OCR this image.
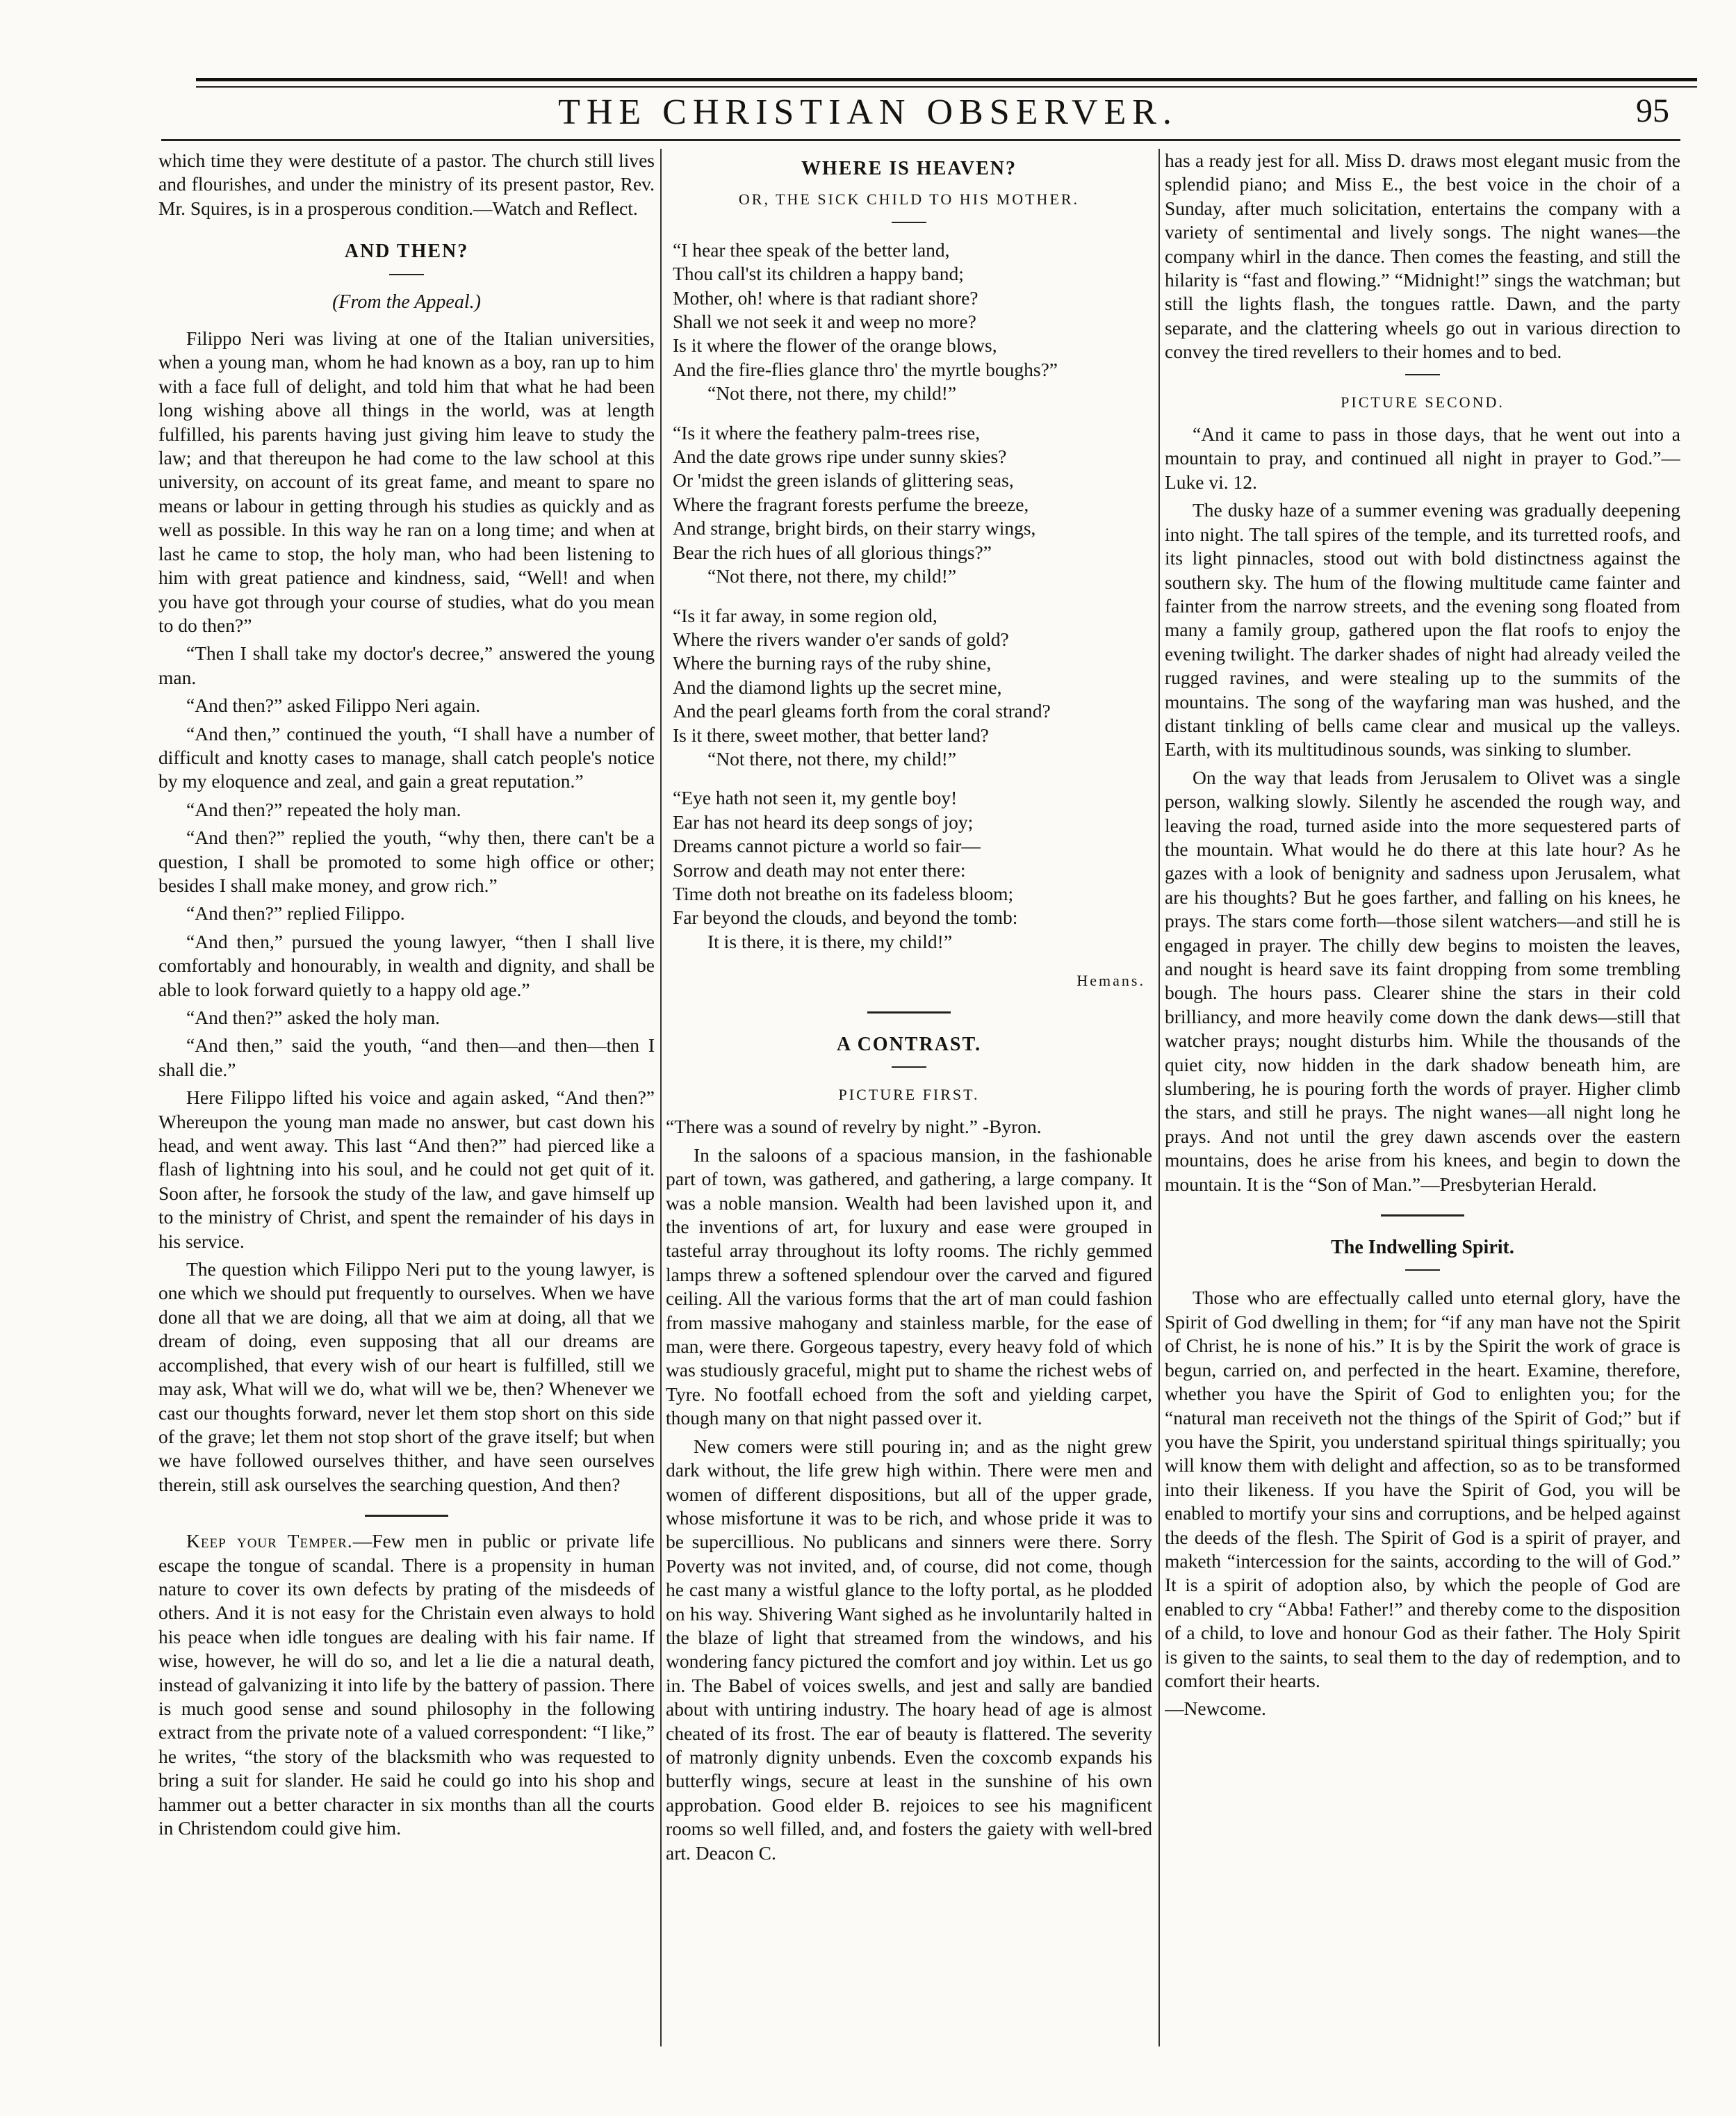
THE CHRISTIAN OBSERVER.	95

which time they were destitute of a pastor. The church still lives and flourishes, and under the ministry of its present pastor, Rev. Mr. Squires, is in a prosperous condition.—Watch and Reflect.

AND THEN?
(From the Appeal.)

Filippo Neri was living at one of the Italian universities, when a young man, whom he had known as a boy, ran up to him with a face full of delight, and told him that what he had been long wishing above all things in the world, was at length fulfilled, his parents having just giving him leave to study the law; and that thereupon he had come to the law school at this university, on account of its great fame, and meant to spare no means or labour in getting through his studies as quickly and as well as possible. In this way he ran on a long time; and when at last he came to stop, the holy man, who had been listening to him with great patience and kindness, said, “Well! and when you have got through your course of studies, what do you mean to do then?”

“Then I shall take my doctor's decree,” answered the young man.

“And then?” asked Filippo Neri again.

“And then,” continued the youth, “I shall have a number of difficult and knotty cases to manage, shall catch people's notice by my eloquence and zeal, and gain a great reputation.”

“And then?” repeated the holy man.

“And then?” replied the youth, “why then, there can't be a question, I shall be promoted to some high office or other; besides I shall make money, and grow rich.”

“And then?” replied Filippo.

“And then,” pursued the young lawyer, “then I shall live comfortably and honourably, in wealth and dignity, and shall be able to look forward quietly to a happy old age.”

“And then?” asked the holy man.

“And then,” said the youth, “and then—and then—then I shall die.”

Here Filippo lifted his voice and again asked, “And then?” Whereupon the young man made no answer, but cast down his head, and went away. This last “And then?” had pierced like a flash of lightning into his soul, and he could not get quit of it. Soon after, he forsook the study of the law, and gave himself up to the ministry of Christ, and spent the remainder of his days in his service.

The question which Filippo Neri put to the young lawyer, is one which we should put frequently to ourselves. When we have done all that we are doing, all that we aim at doing, all that we dream of doing, even supposing that all our dreams are accomplished, that every wish of our heart is fulfilled, still we may ask, What will we do, what will we be, then? Whenever we cast our thoughts forward, never let them stop short on this side of the grave; let them not stop short of the grave itself; but when we have followed ourselves thither, and have seen ourselves therein, still ask ourselves the searching question, And then?

Keep your Temper.—Few men in public or private life escape the tongue of scandal. There is a propensity in human nature to cover its own defects by prating of the misdeeds of others. And it is not easy for the Christain even always to hold his peace when idle tongues are dealing with his fair name. If wise, however, he will do so, and let a lie die a natural death, instead of galvanizing it into life by the battery of passion. There is much good sense and sound philosophy in the following extract from the private note of a valued correspondent: “I like,” he writes, “the story of the blacksmith who was requested to bring a suit for slander. He said he could go into his shop and hammer out a better character in six months than all the courts in Christendom could give him.

WHERE IS HEAVEN?
OR, THE SICK CHILD TO HIS MOTHER.
“I hear thee speak of the better land,
Thou call'st its children a happy band;
Mother, oh! where is that radiant shore?
Shall we not seek it and weep no more?
Is it where the flower of the orange blows,
And the fire-flies glance thro' the myrtle boughs?”
“Not there, not there, my child!”
“Is it where the feathery palm-trees rise,
And the date grows ripe under sunny skies?
Or 'midst the green islands of glittering seas,
Where the fragrant forests perfume the breeze,
And strange, bright birds, on their starry wings,
Bear the rich hues of all glorious things?”
“Not there, not there, my child!”
“Is it far away, in some region old,
Where the rivers wander o'er sands of gold?
Where the burning rays of the ruby shine,
And the diamond lights up the secret mine,
And the pearl gleams forth from the coral strand?
Is it there, sweet mother, that better land?
“Not there, not there, my child!”
“Eye hath not seen it, my gentle boy!
Ear has not heard its deep songs of joy;
Dreams cannot picture a world so fair—
Sorrow and death may not enter there:
Time doth not breathe on its fadeless bloom;
Far beyond the clouds, and beyond the tomb:
It is there, it is there, my child!”
Hemans.
A CONTRAST.
PICTURE FIRST.

“There was a sound of revelry by night.” -Byron.

In the saloons of a spacious mansion, in the fashionable part of town, was gathered, and gathering, a large company. It was a noble mansion. Wealth had been lavished upon it, and the inventions of art, for luxury and ease were grouped in tasteful array throughout its lofty rooms. The richly gemmed lamps threw a softened splendour over the carved and figured ceiling. All the various forms that the art of man could fashion from massive mahogany and stainless marble, for the ease of man, were there. Gorgeous tapestry, every heavy fold of which was studiously graceful, might put to shame the richest webs of Tyre. No footfall echoed from the soft and yielding carpet, though many on that night passed over it.

New comers were still pouring in; and as the night grew dark without, the life grew high within. There were men and women of different dispositions, but all of the upper grade, whose misfortune it was to be rich, and whose pride it was to be supercillious. No publicans and sinners were there. Sorry Poverty was not invited, and, of course, did not come, though he cast many a wistful glance to the lofty portal, as he plodded on his way. Shivering Want sighed as he involuntarily halted in the blaze of light that streamed from the windows, and his wondering fancy pictured the comfort and joy within. Let us go in. The Babel of voices swells, and jest and sally are bandied about with untiring industry. The hoary head of age is almost cheated of its frost. The ear of beauty is flattered. The severity of matronly dignity unbends. Even the coxcomb expands his butterfly wings, secure at least in the sunshine of his own approbation. Good elder B. rejoices to see his magnificent rooms so well filled, and, and fosters the gaiety with well-bred art. Deacon C.

has a ready jest for all. Miss D. draws most elegant music from the splendid piano; and Miss E., the best voice in the choir of a Sunday, after much solicitation, entertains the company with a variety of sentimental and lively songs. The night wanes—the company whirl in the dance. Then comes the feasting, and still the hilarity is “fast and flowing.” “Midnight!” sings the watchman; but still the lights flash, the tongues rattle. Dawn, and the party separate, and the clattering wheels go out in various direction to convey the tired revellers to their homes and to bed.

PICTURE SECOND.

“And it came to pass in those days, that he went out into a mountain to pray, and continued all night in prayer to God.”—Luke vi. 12.

The dusky haze of a summer evening was gradually deepening into night. The tall spires of the temple, and its turretted roofs, and its light pinnacles, stood out with bold distinctness against the southern sky. The hum of the flowing multitude came fainter and fainter from the narrow streets, and the evening song floated from many a family group, gathered upon the flat roofs to enjoy the evening twilight. The darker shades of night had already veiled the rugged ravines, and were stealing up to the summits of the mountains. The song of the wayfaring man was hushed, and the distant tinkling of bells came clear and musical up the valleys. Earth, with its multitudinous sounds, was sinking to slumber.

On the way that leads from Jerusalem to Olivet was a single person, walking slowly. Silently he ascended the rough way, and leaving the road, turned aside into the more sequestered parts of the mountain. What would he do there at this late hour? As he gazes with a look of benignity and sadness upon Jerusalem, what are his thoughts? But he goes farther, and falling on his knees, he prays. The stars come forth—those silent watchers—and still he is engaged in prayer. The chilly dew begins to moisten the leaves, and nought is heard save its faint dropping from some trembling bough. The hours pass. Clearer shine the stars in their cold brilliancy, and more heavily come down the dank dews—still that watcher prays; nought disturbs him. While the thousands of the quiet city, now hidden in the dark shadow beneath him, are slumbering, he is pouring forth the words of prayer. Higher climb the stars, and still he prays. The night wanes—all night long he prays. And not until the grey dawn ascends over the eastern mountains, does he arise from his knees, and begin to down the mountain. It is the “Son of Man.”—Presbyterian Herald.

The Indwelling Spirit.

Those who are effectually called unto eternal glory, have the Spirit of God dwelling in them; for “if any man have not the Spirit of Christ, he is none of his.” It is by the Spirit the work of grace is begun, carried on, and perfected in the heart. Examine, therefore, whether you have the Spirit of God to enlighten you; for the “natural man receiveth not the things of the Spirit of God;” but if you have the Spirit, you understand spiritual things spiritually; you will know them with delight and affection, so as to be transformed into their likeness. If you have the Spirit of God, you will be enabled to mortify your sins and corruptions, and be helped against the deeds of the flesh. The Spirit of God is a spirit of prayer, and maketh “intercession for the saints, according to the will of God.” It is a spirit of adoption also, by which the people of God are enabled to cry “Abba! Father!” and thereby come to the disposition of a child, to love and honour God as their father. The Holy Spirit is given to the saints, to seal them to the day of redemption, and to comfort their hearts.

—Newcome.
